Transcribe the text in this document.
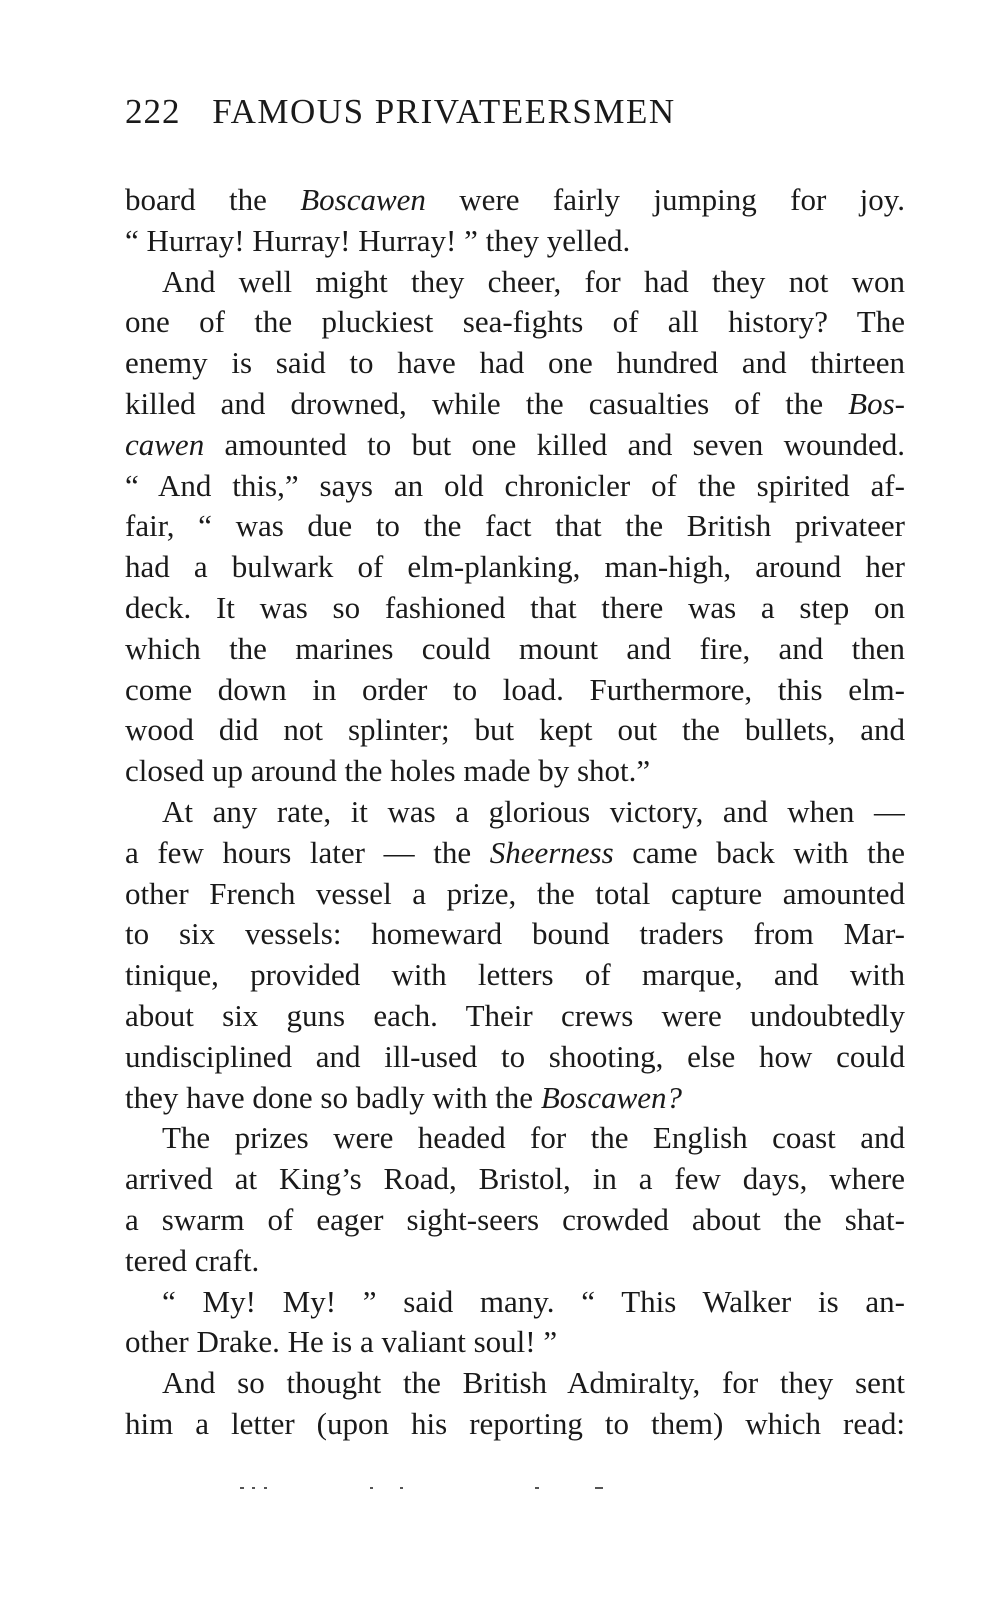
222 FAMOUS PRIVATEERSMEN
board the Boscawen were fairly jumping for joy.
“ Hurray! Hurray! Hurray! ” they yelled.
And well might they cheer, for had they not won
one of the pluckiest sea-fights of all history? The
enemy is said to have had one hundred and thirteen
killed and drowned, while the casualties of the Bos-
cawen amounted to but one killed and seven wounded.
“ And this,” says an old chronicler of the spirited af-
fair, “ was due to the fact that the British privateer
had a bulwark of elm-planking, man-high, around her
deck. It was so fashioned that there was a step on
which the marines could mount and fire, and then
come down in order to load. Furthermore, this elm-
wood did not splinter; but kept out the bullets, and
closed up around the holes made by shot.”
At any rate, it was a glorious victory, and when —
a few hours later — the Sheerness came back with the
other French vessel a prize, the total capture amounted
to six vessels: homeward bound traders from Mar-
tinique, provided with letters of marque, and with
about six guns each. Their crews were undoubtedly
undisciplined and ill-used to shooting, else how could
they have done so badly with the Boscawen?
The prizes were headed for the English coast and
arrived at King’s Road, Bristol, in a few days, where
a swarm of eager sight-seers crowded about the shat-
tered craft.
“ My! My! ” said many. “ This Walker is an-
other Drake. He is a valiant soul! ”
And so thought the British Admiralty, for they sent
him a letter (upon his reporting to them) which read:
